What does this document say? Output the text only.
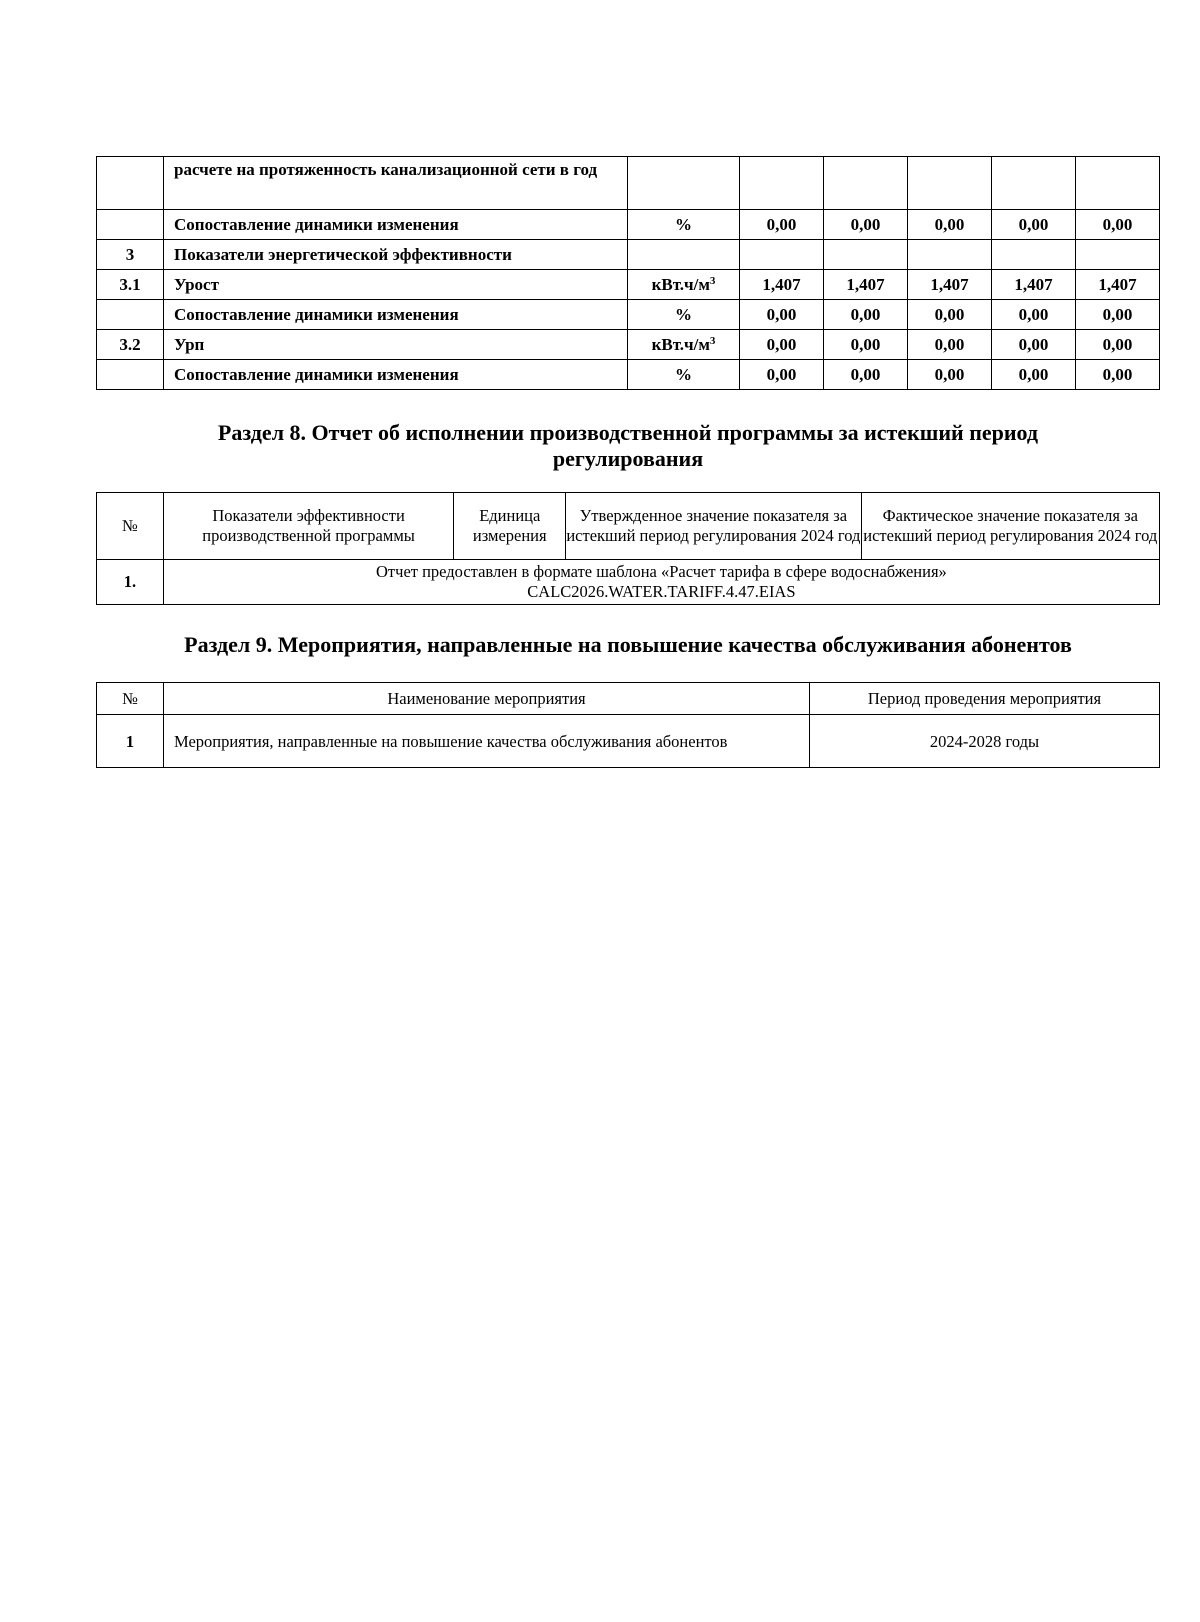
	расчете на протяженность канализационной сети в год						
	Сопоставление динамики изменения	%	0,00	0,00	0,00	0,00	0,00
3	Показатели энергетической эффективности						
3.1	Урост	$кВт.ч/м^3$	1,407	1,407	1,407	1,407	1,407
	Сопоставление динамики изменения	%	0,00	0,00	0,00	0,00	0,00
3.2	Урп	$кВт.ч/м^3$	0,00	0,00	0,00	0,00	0,00
	Сопоставление динамики изменения	%	0,00	0,00	0,00	0,00	0,00
Раздел 8. Отчет об исполнении производственной программы за истекший период
регулирования
№	Показатели эффективности производственной программы	Единица измерения	Утвержденное значение показателя за истекший период регулирования 2024 год	Фактическое значение показателя за истекший период регулирования 2024 год
1.	Отчет предоставлен в формате шаблона «Расчет тарифа в сфере водоснабжения»
CALC2026.WATER.TARIFF.4.47.EIAS			
Раздел 9. Мероприятия, направленные на повышение качества обслуживания абонентов
№	Наименование мероприятия	Период проведения мероприятия
1	Мероприятия, направленные на повышение качества обслуживания абонентов	2024-2028 годы
